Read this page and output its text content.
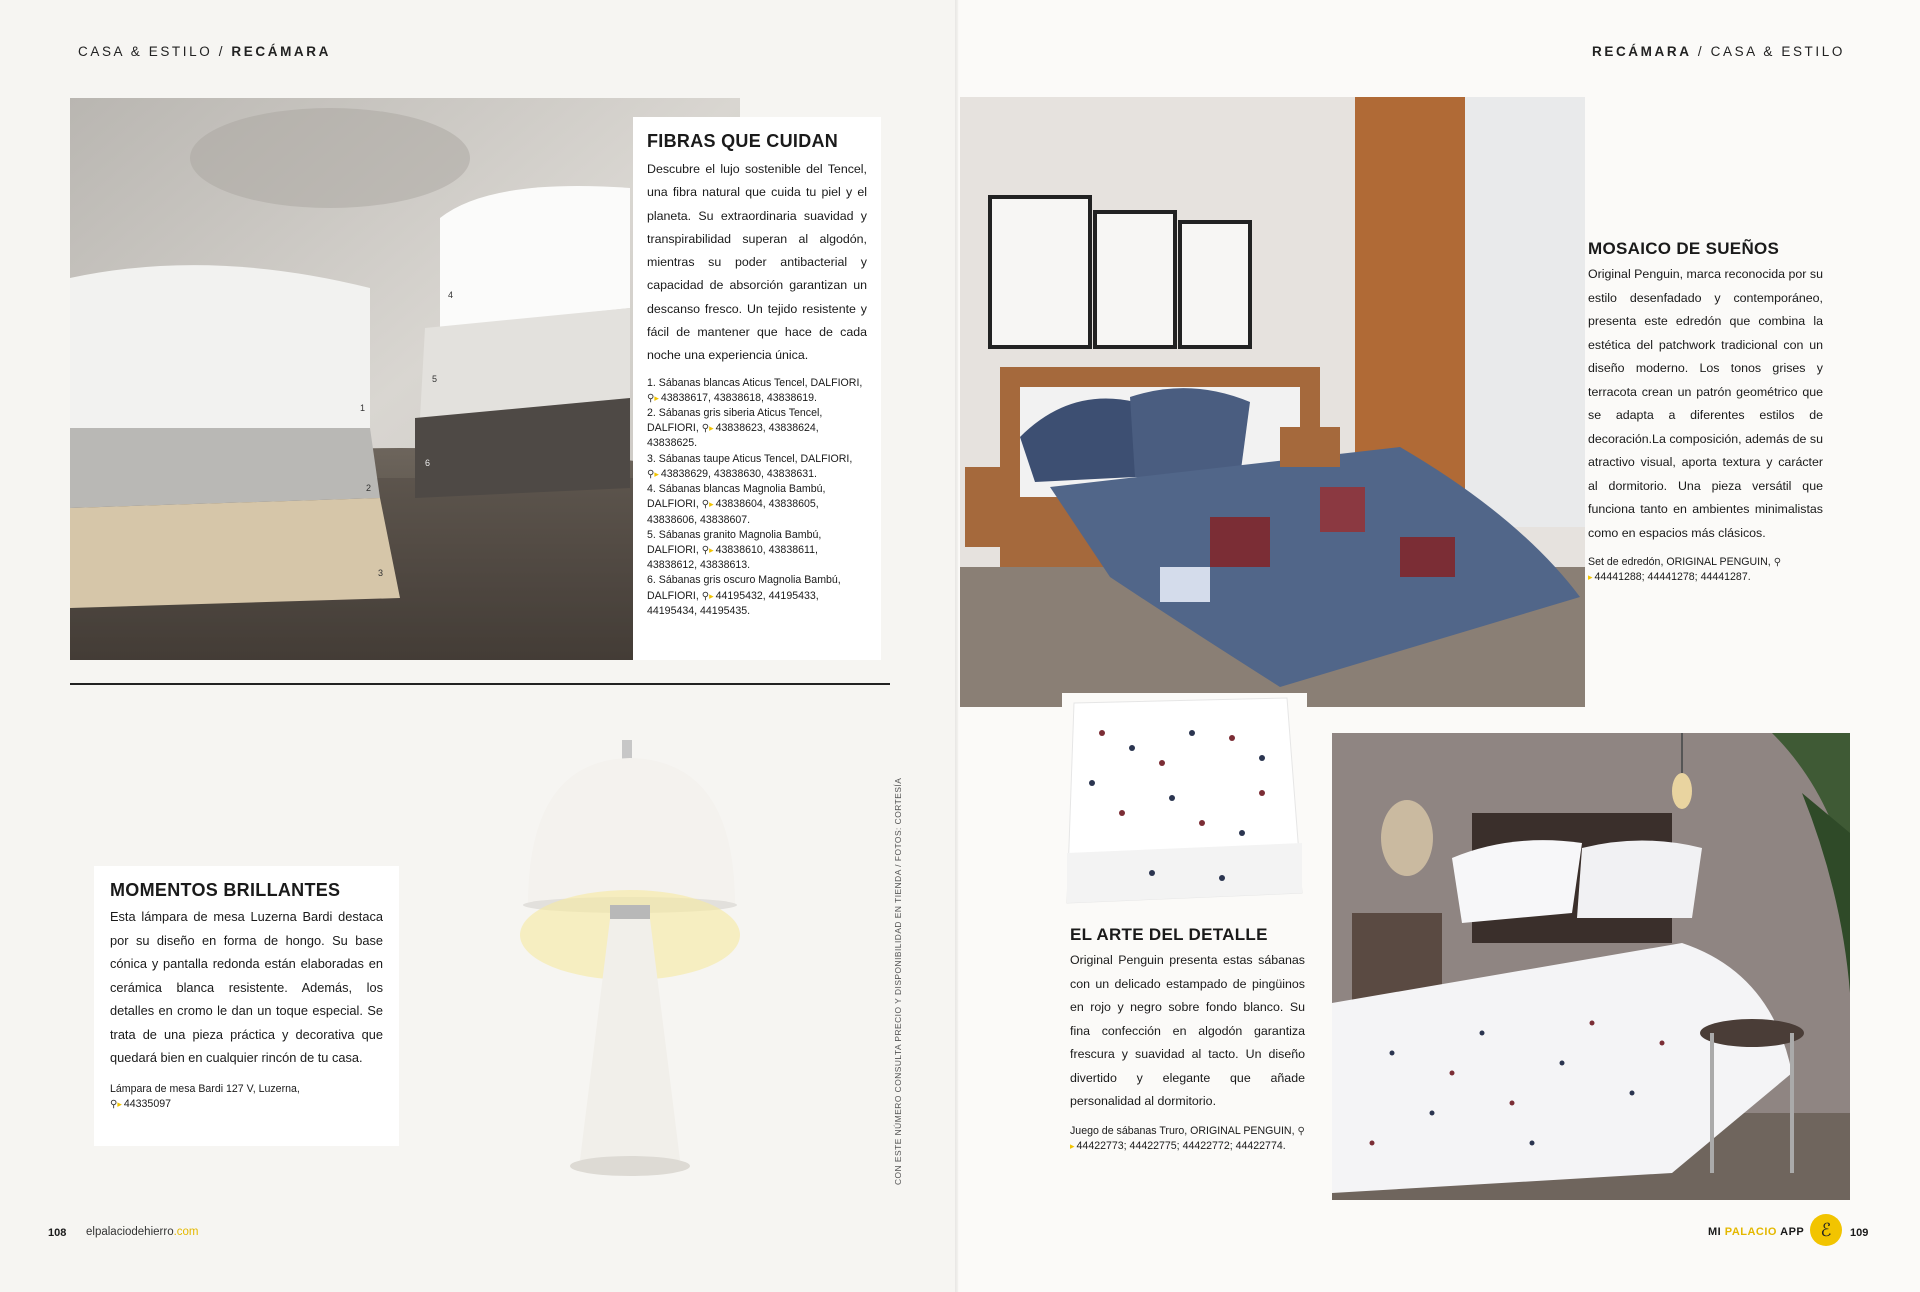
CASA & ESTILO / RECÁMARA	RECÁMARA / CASA & ESTILO
1
2
3
4
5
6
FIBRAS QUE CUIDAN

Descubre el lujo sostenible del Tencel, una fibra natural que cuida tu piel y el planeta. Su extraordinaria suavidad y transpirabilidad superan al algodón, mientras su poder antibacterial y capacidad de absorción garantizan un descanso fresco. Un tejido resistente y fácil de mantener que hace de cada noche una experiencia única.

1. Sábanas blancas Aticus Tencel, DALFIORI, ⚲▸ 43838617, 43838618, 43838619.

2. Sábanas gris siberia Aticus Tencel, DALFIORI, ⚲▸ 43838623, 43838624, 43838625.

3. Sábanas taupe Aticus Tencel, DALFIORI, ⚲▸ 43838629, 43838630, 43838631.

4. Sábanas blancas Magnolia Bambú, DALFIORI, ⚲▸ 43838604, 43838605, 43838606, 43838607.

5. Sábanas granito Magnolia Bambú, DALFIORI, ⚲▸ 43838610, 43838611, 43838612, 43838613.

6. Sábanas gris oscuro Magnolia Bambú, DALFIORI, ⚲▸ 44195432, 44195433, 44195434, 44195435.

MOMENTOS BRILLANTES

Esta lámpara de mesa Luzerna Bardi destaca por su diseño en forma de hongo. Su base cónica y pantalla redonda están elaboradas en cerámica blanca resistente. Además, los detalles en cromo le dan un toque especial. Se trata de una pieza práctica y decorativa que quedará bien en cualquier rincón de tu casa.

Lámpara de mesa Bardi 127 V, Luzerna,
⚲▸ 44335097	CON ESTE NÚMERO CONSULTA PRECIO Y DISPONIBILIDAD EN TIENDA / FOTOS: CORTESÍA
MOSAICO DE SUEÑOS

Original Penguin, marca reconocida por su estilo desenfadado y contemporáneo, presenta este edredón que combina la estética del patchwork tradicional con un diseño moderno. Los tonos grises y terracota crean un patrón geométrico que se adapta a diferentes estilos de decoración.La composición, además de su atractivo visual, aporta textura y carácter al dormitorio. Una pieza versátil que funciona tanto en ambientes minimalistas como en espacios más clásicos.

Set de edredón, ORIGINAL PENGUIN, ⚲
▸ 44441288; 44441278; 44441287.

EL ARTE DEL DETALLE

Original Penguin presenta estas sábanas con un delicado estampado de pingüinos en rojo y negro sobre fondo blanco. Su fina confección en algodón garantiza frescura y suavidad al tacto. Un diseño divertido y elegante que añade personalidad al dormitorio.

Juego de sábanas Truro, ORIGINAL PENGUIN, ⚲
▸ 44422773; 44422775; 44422772; 44422774.

108 elpalaciodehierro.com	MI PALACIO APP ℰ 109
